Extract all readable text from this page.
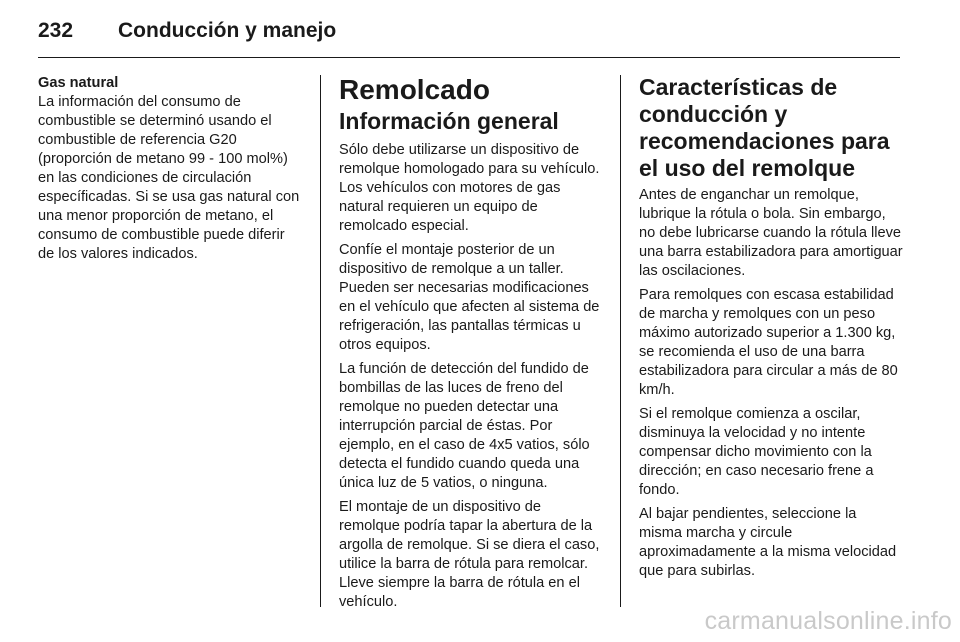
232	Conducción y manejo
Gas natural

La información del consumo de combustible se determinó usando el combustible de referencia G20 (proporción de metano 99 - 100 mol%) en las condiciones de circulación específicadas. Si se usa gas natural con una menor proporción de metano, el consumo de combustible puede diferir de los valores indicados.

Remolcado
Información general

Sólo debe utilizarse un dispositivo de remolque homologado para su vehículo. Los vehículos con motores de gas natural requieren un equipo de remolcado especial.

Confíe el montaje posterior de un dispositivo de remolque a un taller. Pueden ser necesarias modificaciones en el vehículo que afecten al sistema de refrigeración, las pantallas térmicas u otros equipos.

La función de detección del fundido de bombillas de las luces de freno del remolque no pueden detectar una interrupción parcial de éstas. Por ejemplo, en el caso de 4x5 vatios, sólo detecta el fundido cuando queda una única luz de 5 vatios, o ninguna.

El montaje de un dispositivo de remolque podría tapar la abertura de la argolla de remolque. Si se diera el caso, utilice la barra de rótula para remolcar. Lleve siempre la barra de rótula en el vehículo.

Características de conducción y recomendaciones para el uso del remolque

Antes de enganchar un remolque, lubrique la rótula o bola. Sin embargo, no debe lubricarse cuando la rótula lleve una barra estabilizadora para amortiguar las oscilaciones.

Para remolques con escasa estabilidad de marcha y remolques con un peso máximo autorizado superior a 1.300 kg, se recomienda el uso de una barra estabilizadora para circular a más de 80 km/h.

Si el remolque comienza a oscilar, disminuya la velocidad y no intente compensar dicho movimiento con la dirección; en caso necesario frene a fondo.

Al bajar pendientes, seleccione la misma marcha y circule aproximadamente a la misma velocidad que para subirlas.

carmanualsonline.info
